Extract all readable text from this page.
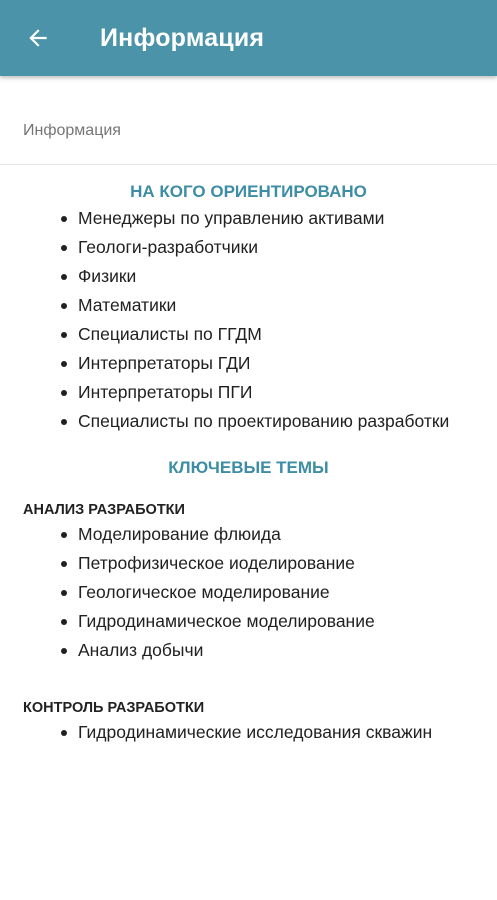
Информация
Информация
НА КОГО ОРИЕНТИРОВАНО
Менеджеры по управлению активами
Геологи-разработчики
Физики
Математики
Специалисты по ГГДМ
Интерпретаторы ГДИ
Интерпретаторы ПГИ
Специалисты по проектированию разработки
КЛЮЧЕВЫЕ ТЕМЫ
АНАЛИЗ РАЗРАБОТКИ
Моделирование флюида
Петрофизическое иоделирование
Геологическое моделирование
Гидродинамическое моделирование
Анализ добычи
КОНТРОЛЬ РАЗРАБОТКИ
Гидродинамические исследования скважин
